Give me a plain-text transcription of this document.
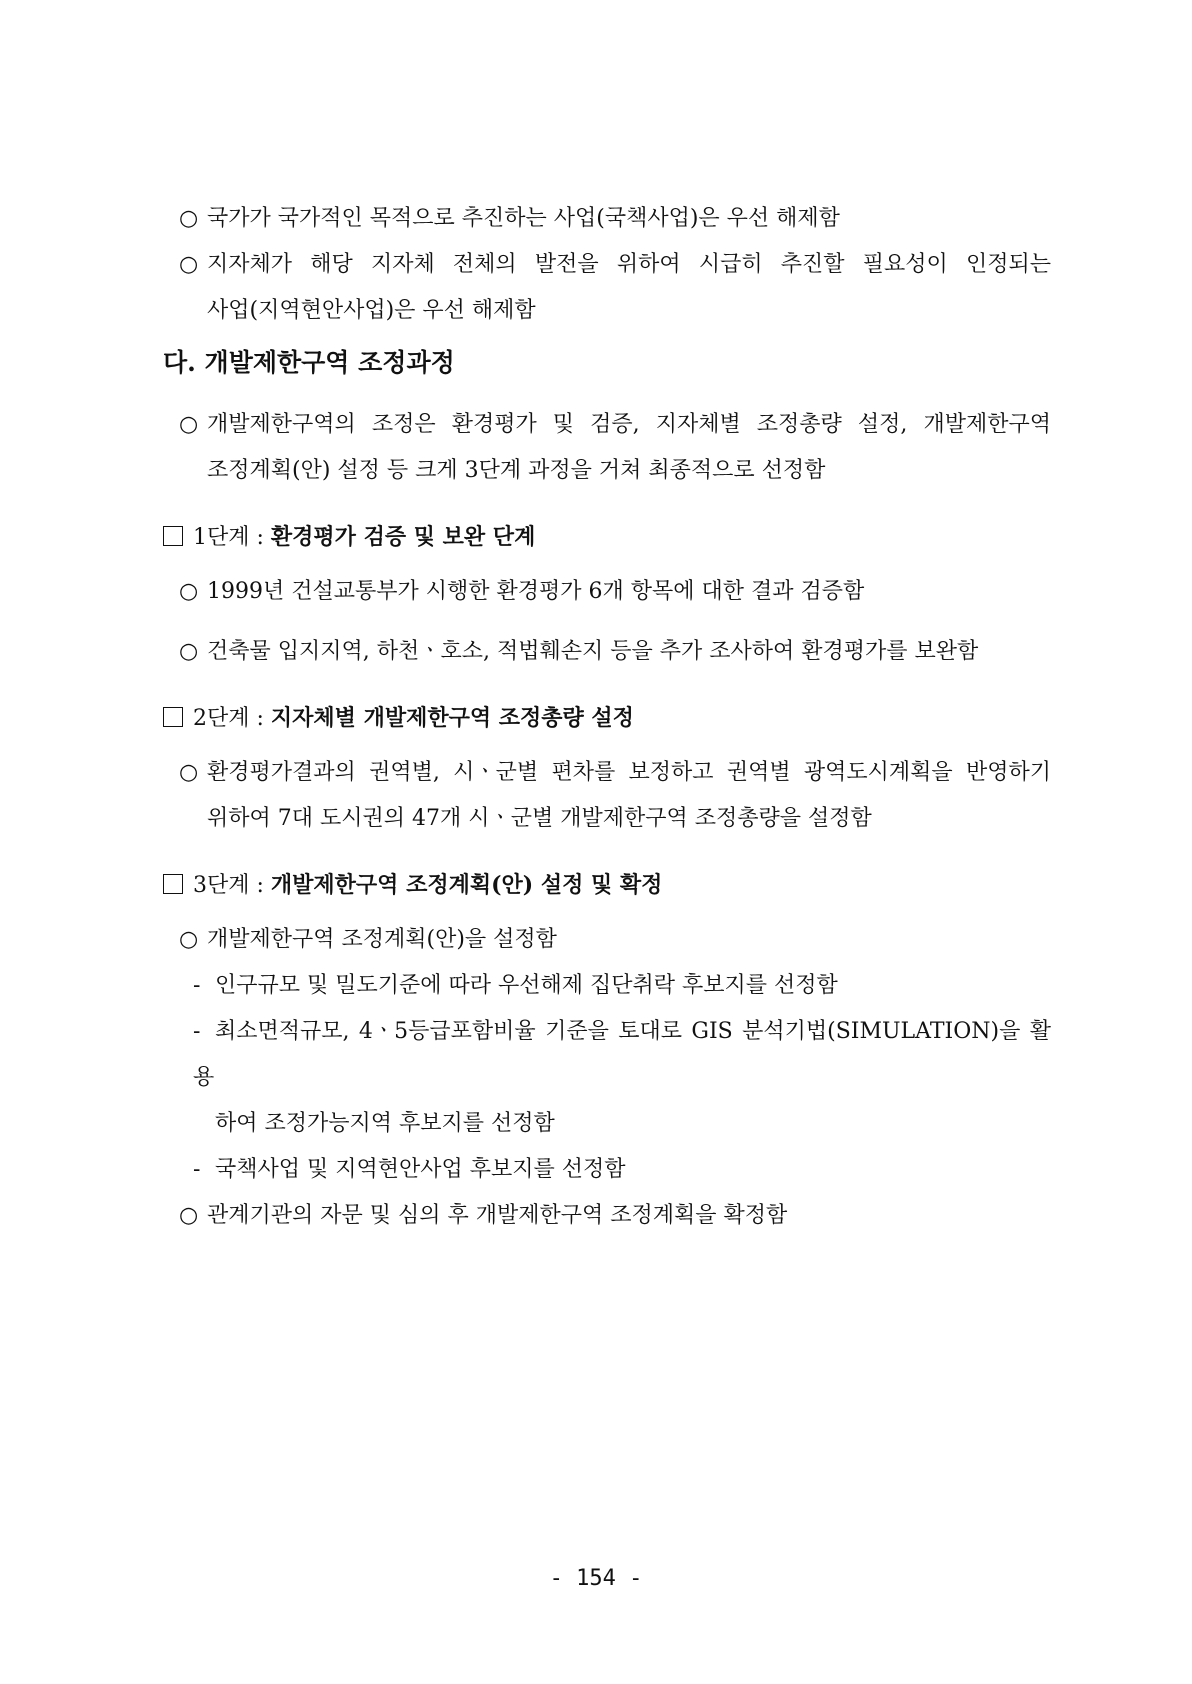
○ 국가가 국가적인 목적으로 추진하는 사업(국책사업)은 우선 해제함
○ 지자체가 해당 지자체 전체의 발전을 위하여 시급히 추진할 필요성이 인정되는
사업(지역현안사업)은 우선 해제함
다. 개발제한구역 조정과정
○ 개발제한구역의 조정은 환경평가 및 검증, 지자체별 조정총량 설정, 개발제한구역
조정계획(안) 설정 등 크게 3단계 과정을 거쳐 최종적으로 선정함
1단계 : 환경평가 검증 및 보완 단계
○ 1999년 건설교통부가 시행한 환경평가 6개 항목에 대한 결과 검증함
○ 건축물 입지지역, 하천ㆍ호소, 적법훼손지 등을 추가 조사하여 환경평가를 보완함
2단계 : 지자체별 개발제한구역 조정총량 설정
○ 환경평가결과의 권역별, 시ㆍ군별 편차를 보정하고 권역별 광역도시계획을 반영하기
위하여 7대 도시권의 47개 시ㆍ군별 개발제한구역 조정총량을 설정함
3단계 : 개발제한구역 조정계획(안) 설정 및 확정
○ 개발제한구역 조정계획(안)을 설정함
- 인구규모 및 밀도기준에 따라 우선해제 집단취락 후보지를 선정함
- 최소면적규모, 4ㆍ5등급포함비율 기준을 토대로 GIS 분석기법(SIMULATION)을 활용
하여 조정가능지역 후보지를 선정함
- 국책사업 및 지역현안사업 후보지를 선정함
○ 관계기관의 자문 및 심의 후 개발제한구역 조정계획을 확정함
- 154 -
